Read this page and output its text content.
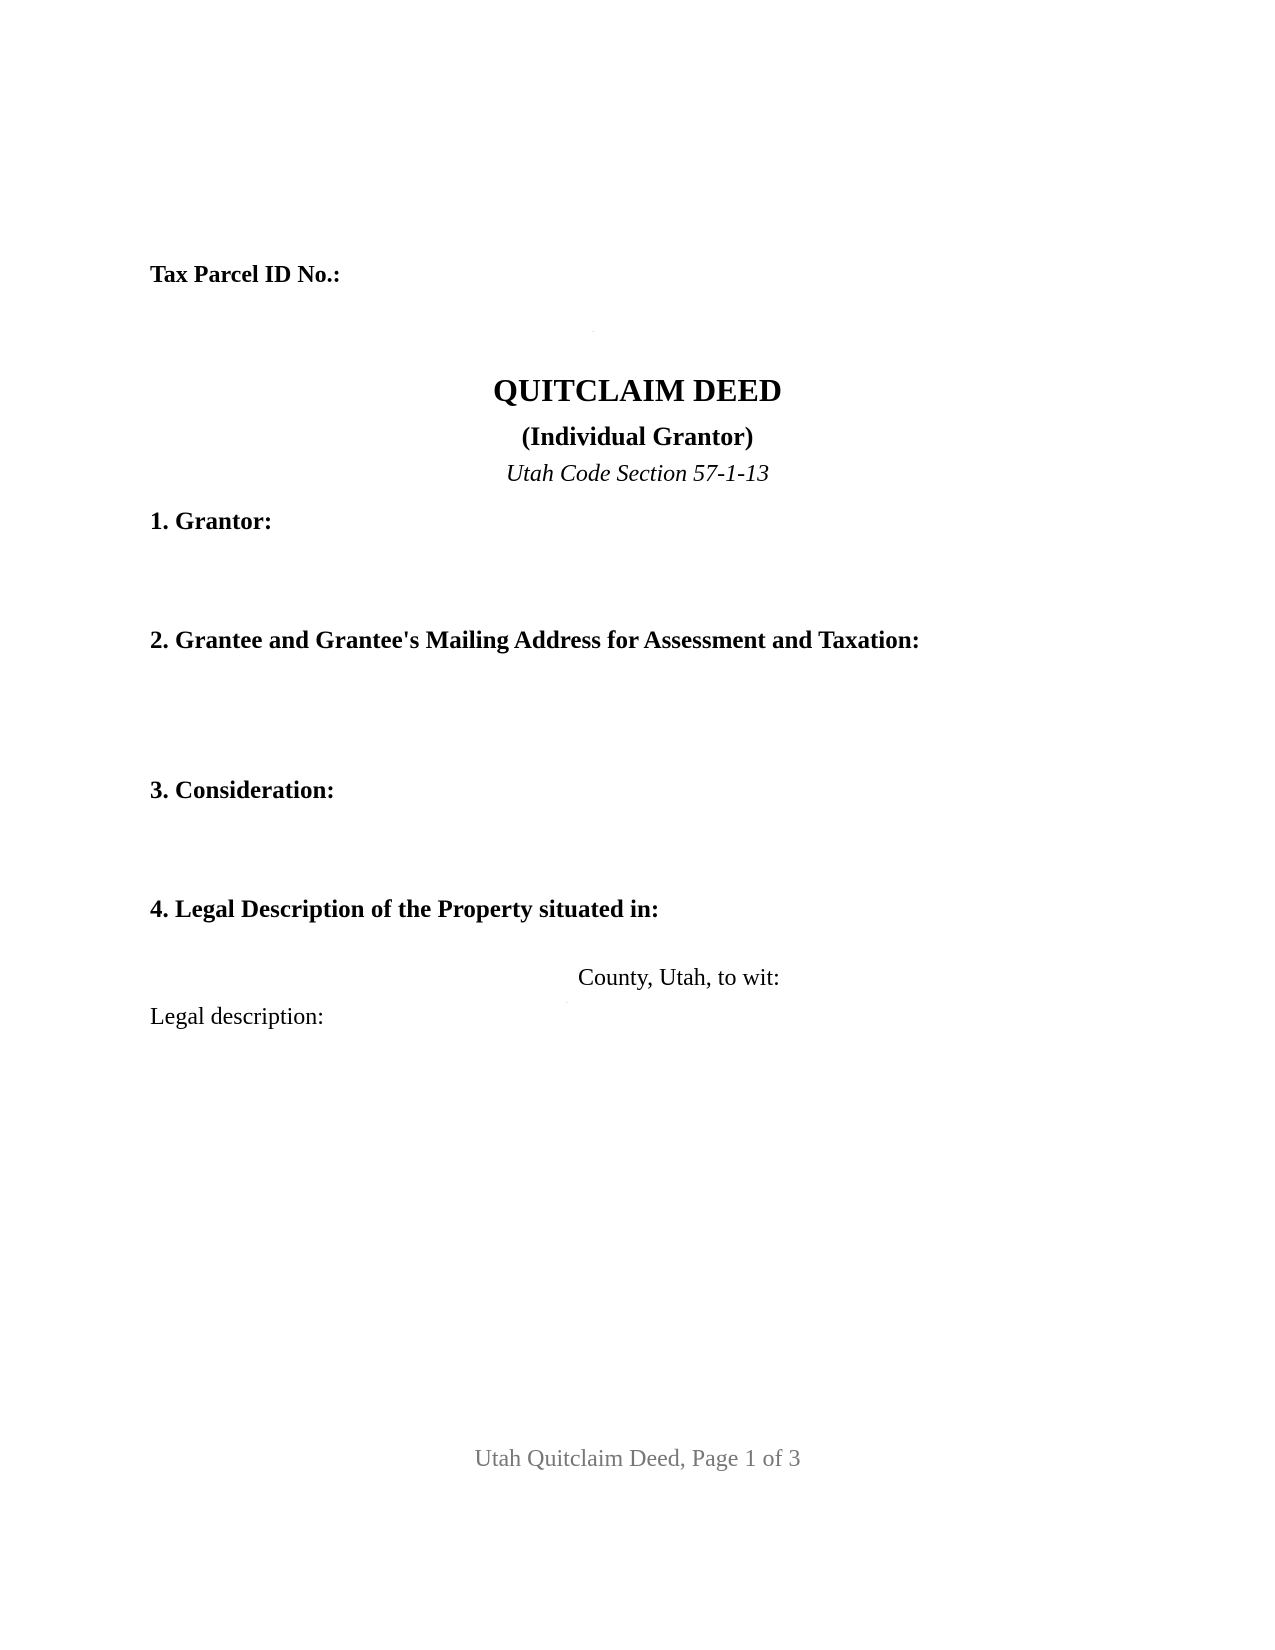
Tax Parcel ID No.:
QUITCLAIM DEED
(Individual Grantor)
Utah Code Section 57-1-13
1. Grantor:
2. Grantee and Grantee's Mailing Address for Assessment and Taxation:
3. Consideration:
4. Legal Description of the Property situated in:
County, Utah, to wit:
Legal description:
Utah Quitclaim Deed, Page 1 of 3
